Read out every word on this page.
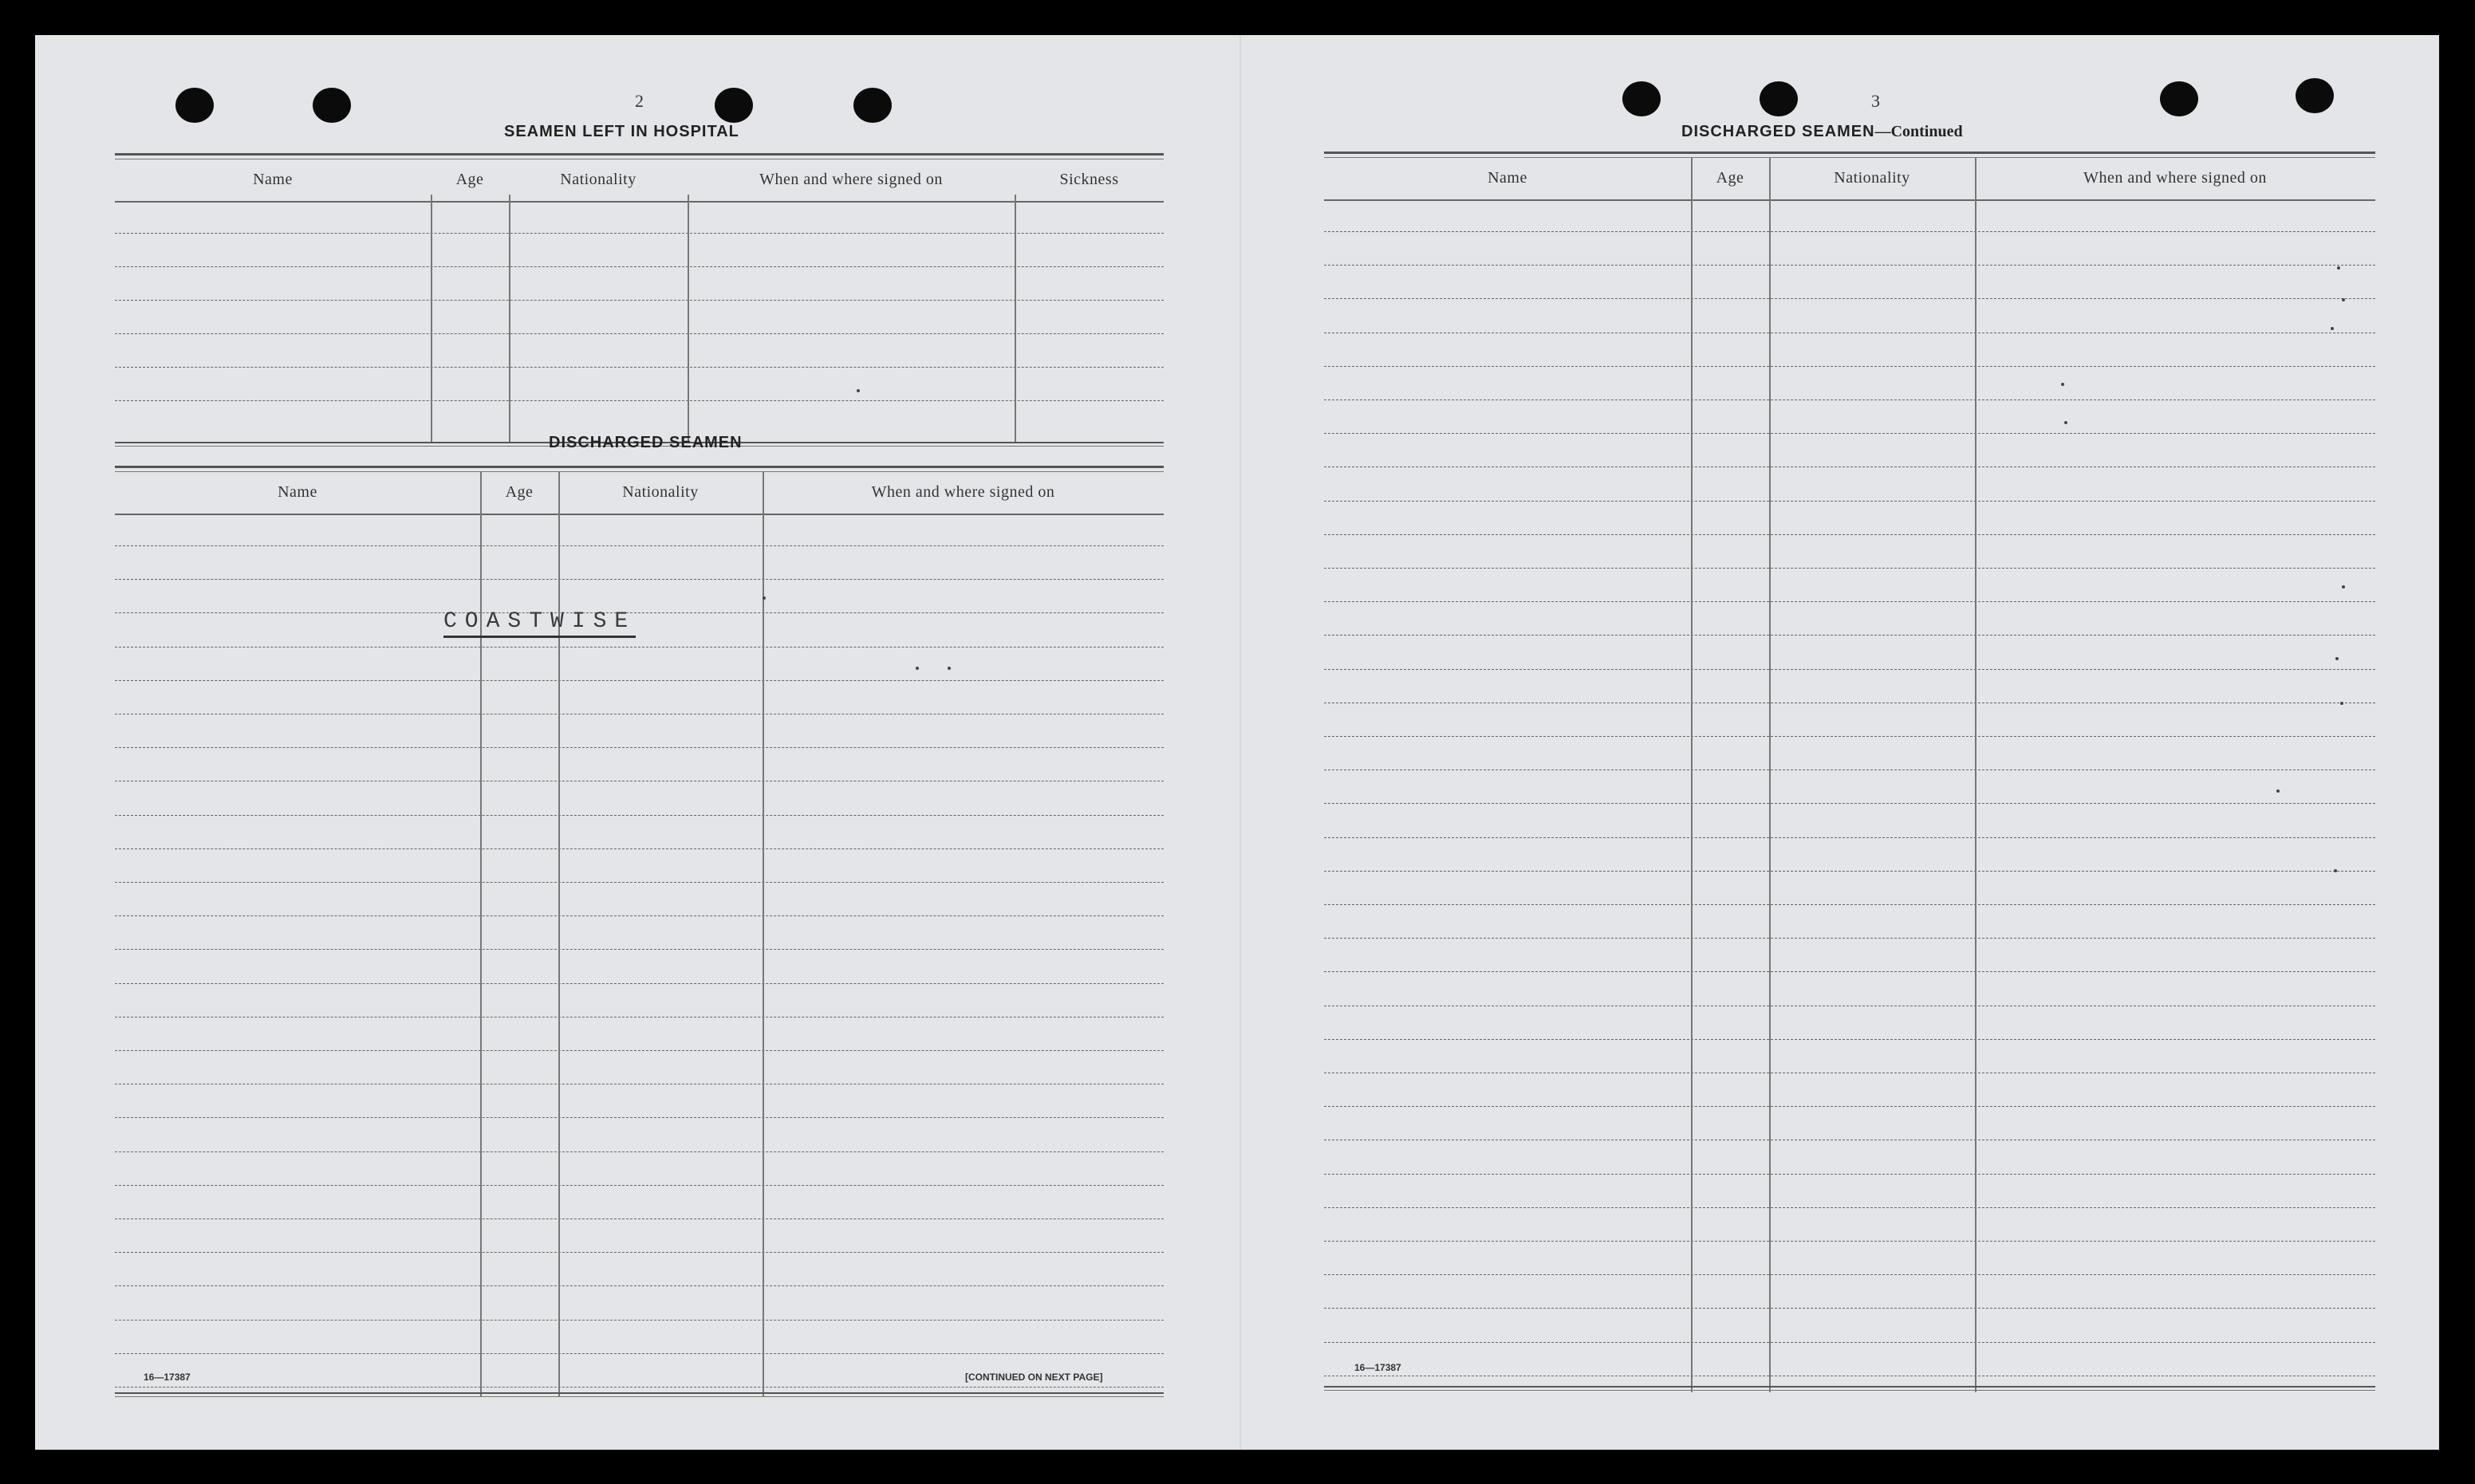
2
SEAMEN LEFT IN HOSPITAL
Name	Age	Nationality	When and where signed on	Sickness
DISCHARGED SEAMEN
Name	Age	Nationality	When and where signed on
COASTWISE
16—17387	[CONTINUED ON NEXT PAGE]
3
DISCHARGED SEAMEN—Continued
Name	Age	Nationality	When and where signed on
16—17387
